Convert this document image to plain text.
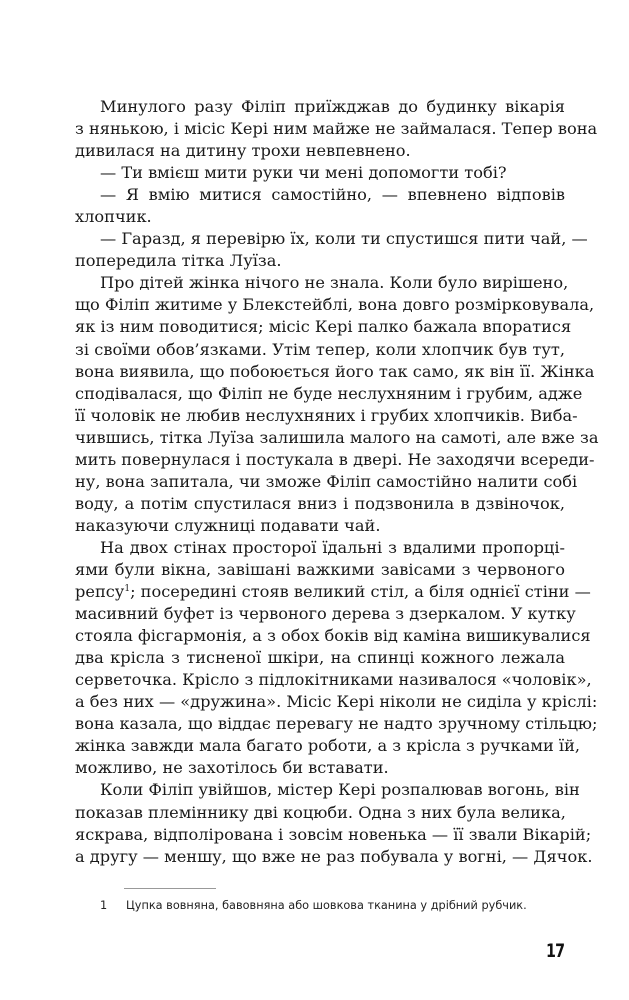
Минулого разу Філіп приїжджав до будинку вікарія
з нянькою, і місіс Кері ним майже не займалася. Тепер вона
дивилася на дитину трохи невпевнено.
— Ти вмієш мити руки чи мені допомогти тобі?
— Я вмію митися самостійно, — впевнено відповів
хлопчик.
— Гаразд, я перевірю їх, коли ти спустишся пити чай, —
попередила тітка Луїза.
Про дітей жінка нічого не знала. Коли було вирішено,
що Філіп житиме у Блекстейблі, вона довго розмірковувала,
як із ним поводитися; місіс Кері палко бажала впоратися
зі своїми обов’язками. Утім тепер, коли хлопчик був тут,
вона виявила, що побоюється його так само, як він її. Жінка
сподівалася, що Філіп не буде неслухняним і грубим, адже
її чоловік не любив неслухняних і грубих хлопчиків. Виба-
чившись, тітка Луїза залишила малого на самоті, але вже за
мить повернулася і постукала в двері. Не заходячи всереди-
ну, вона запитала, чи зможе Філіп самостійно налити собі
воду, а потім спустилася вниз і подзвонила в дзвіночок,
наказуючи служниці подавати чай.
На двох стінах просторої їдальні з вдалими пропорці-
ями були вікна, завішані важкими завісами з червоного
репсу$^1$; посередині стояв великий стіл, а біля однієї стіни —
масивний буфет із червоного дерева з дзеркалом. У кутку
стояла фісгармонія, а з обох боків від каміна вишикувалися
два крісла з тисненої шкіри, на спинці кожного лежала
серветочка. Крісло з підлокітниками називалося «чоловік»,
а без них — «дружина». Місіс Кері ніколи не сиділа у кріслі:
вона казала, що віддає перевагу не надто зручному стільцю;
жінка завжди мала багато роботи, а з крісла з ручками їй,
можливо, не захотілось би вставати.
Коли Філіп увійшов, містер Кері розпалював вогонь, він
показав племіннику дві коцюби. Одна з них була велика,
яскрава, відполірована і зовсім новенька — її звали Вікарій;
а другу — меншу, що вже не раз побувала у вогні, — Дячок.
1 Цупка вовняна, бавовняна або шовкова тканина у дрібний рубчик.
17
